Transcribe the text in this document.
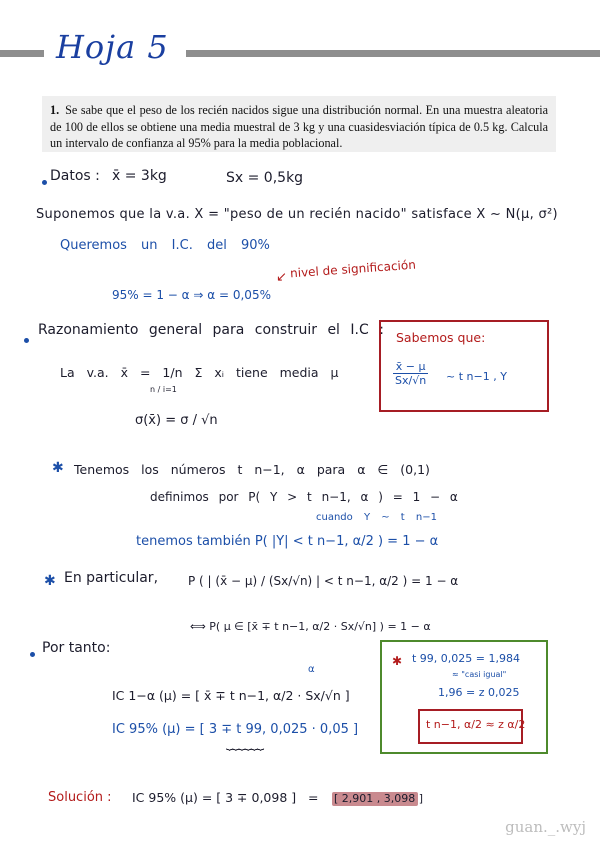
Hoja 5
1. Se sabe que el peso de los recién nacidos sigue una distribución normal. En una muestra aleatoria de 100 de ellos se obtiene una media muestral de 3 kg y una cuasidesviación típica de 0.5 kg. Calcula un intervalo de confianza al 95% para la media poblacional.
Datos : x̄ = 3kg	Sx = 0,5kg
Suponemos que la v.a. X = "peso de un recién nacido" satisface X ~ N(μ, σ²)
Queremos un I.C. del 90%
nivel de significación
↙
95% = 1 − α ⇒ α = 0,05%
Razonamiento general para construir el I.C :
La v.a. x̄ = 1/n Σ xᵢ tiene media μ
n / i=1
σ(x̄) = σ / √n
Sabemos que:
$\frac{x̄ - \mu}{Sx/√n}$ ~ t n−1 , Y
✱ Tenemos los números t n−1, α para α ∈ (0,1)
definimos por P( Y > t n−1, α ) = 1 − α
cuando Y ~ t n−1
tenemos también P( |Y| < t n−1, α/2 ) = 1 − α
✱ En particular, P ( | (x̄ − μ) / (Sx/√n) | < t n−1, α/2 ) = 1 − α
⟺ P( μ ∈ [x̄ ∓ t n−1, α/2 · Sx/√n] ) = 1 − α
Por tanto:
α
IC 1−α (μ) = [ x̄ ∓ t n−1, α/2 · Sx/√n ]
IC 95% (μ) = [ 3 ∓ t 99, 0,025 · 0,05 ]
⏟⏟⏟⏟⏟⏟
✱ t 99, 0,025 = 1,984
≈ "casi igual"
1,96 = z 0,025
t n−1, α/2 ≈ z α/2
Solución : IC 95% (μ) = [ 3 ∓ 0,098 ] = [ 2,901 , 3,098 ]
guan._.wyj
